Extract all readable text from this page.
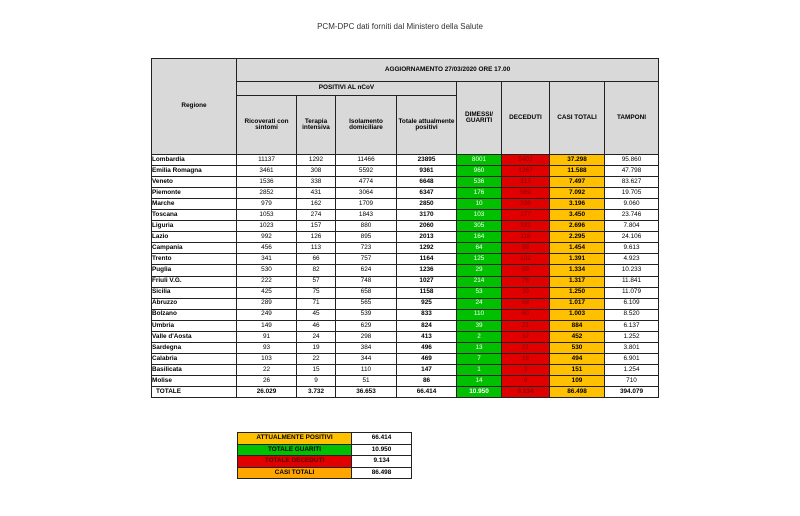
PCM-DPC dati forniti dal Ministero della Salute
Regione	AGGIORNAMENTO 27/03/2020 ORE 17.00							
	POSITIVI AL nCoV				DIMESSI/ GUARITI	DECEDUTI	CASI TOTALI	TAMPONI
	Ricoverati con sintomi	Terapia intensiva	Isolamento domiciliare	Totale attualmente positivi				
Lombardia	11137	1292	11466	23895	8001	5402	37.298	95.860
Emilia Romagna	3461	308	5592	9361	960	1267	11.588	47.798
Veneto	1536	338	4774	6648	536	313	7.497	83.627
Piemonte	2852	431	3064	6347	176	569	7.092	19.705
Marche	979	162	1709	2850	10	336	3.196	9.060
Toscana	1053	274	1843	3170	103	177	3.450	23.746
Liguria	1023	157	880	2060	305	331	2.696	7.804
Lazio	992	126	895	2013	164	118	2.295	24.106
Campania	456	113	723	1292	64	98	1.454	9.613
Trento	341	66	757	1164	125	102	1.391	4.923
Puglia	530	82	624	1236	29	69	1.334	10.233
Friuli V.G.	222	57	748	1027	214	76	1.317	11.841
Sicilia	425	75	658	1158	53	39	1.250	11.079
Abruzzo	289	71	565	925	24	68	1.017	6.109
Bolzano	249	45	539	833	110	60	1.003	8.520
Umbria	149	46	629	824	39	21	884	6.137
Valle d'Aosta	91	24	298	413	2	37	452	1.252
Sardegna	93	19	384	496	13	21	530	3.801
Calabria	103	22	344	469	7	18	494	6.901
Basilicata	22	15	110	147	1	3	151	1.254
Molise	26	9	51	86	14	9	109	710
TOTALE	26.029	3.732	36.653	66.414	10.950	9.134	86.498	394.079
ATTUALMENTE POSITIVI	66.414
TOTALE GUARITI	10.950
TOTALE DECEDUTI	9.134
CASI TOTALI	86.498
